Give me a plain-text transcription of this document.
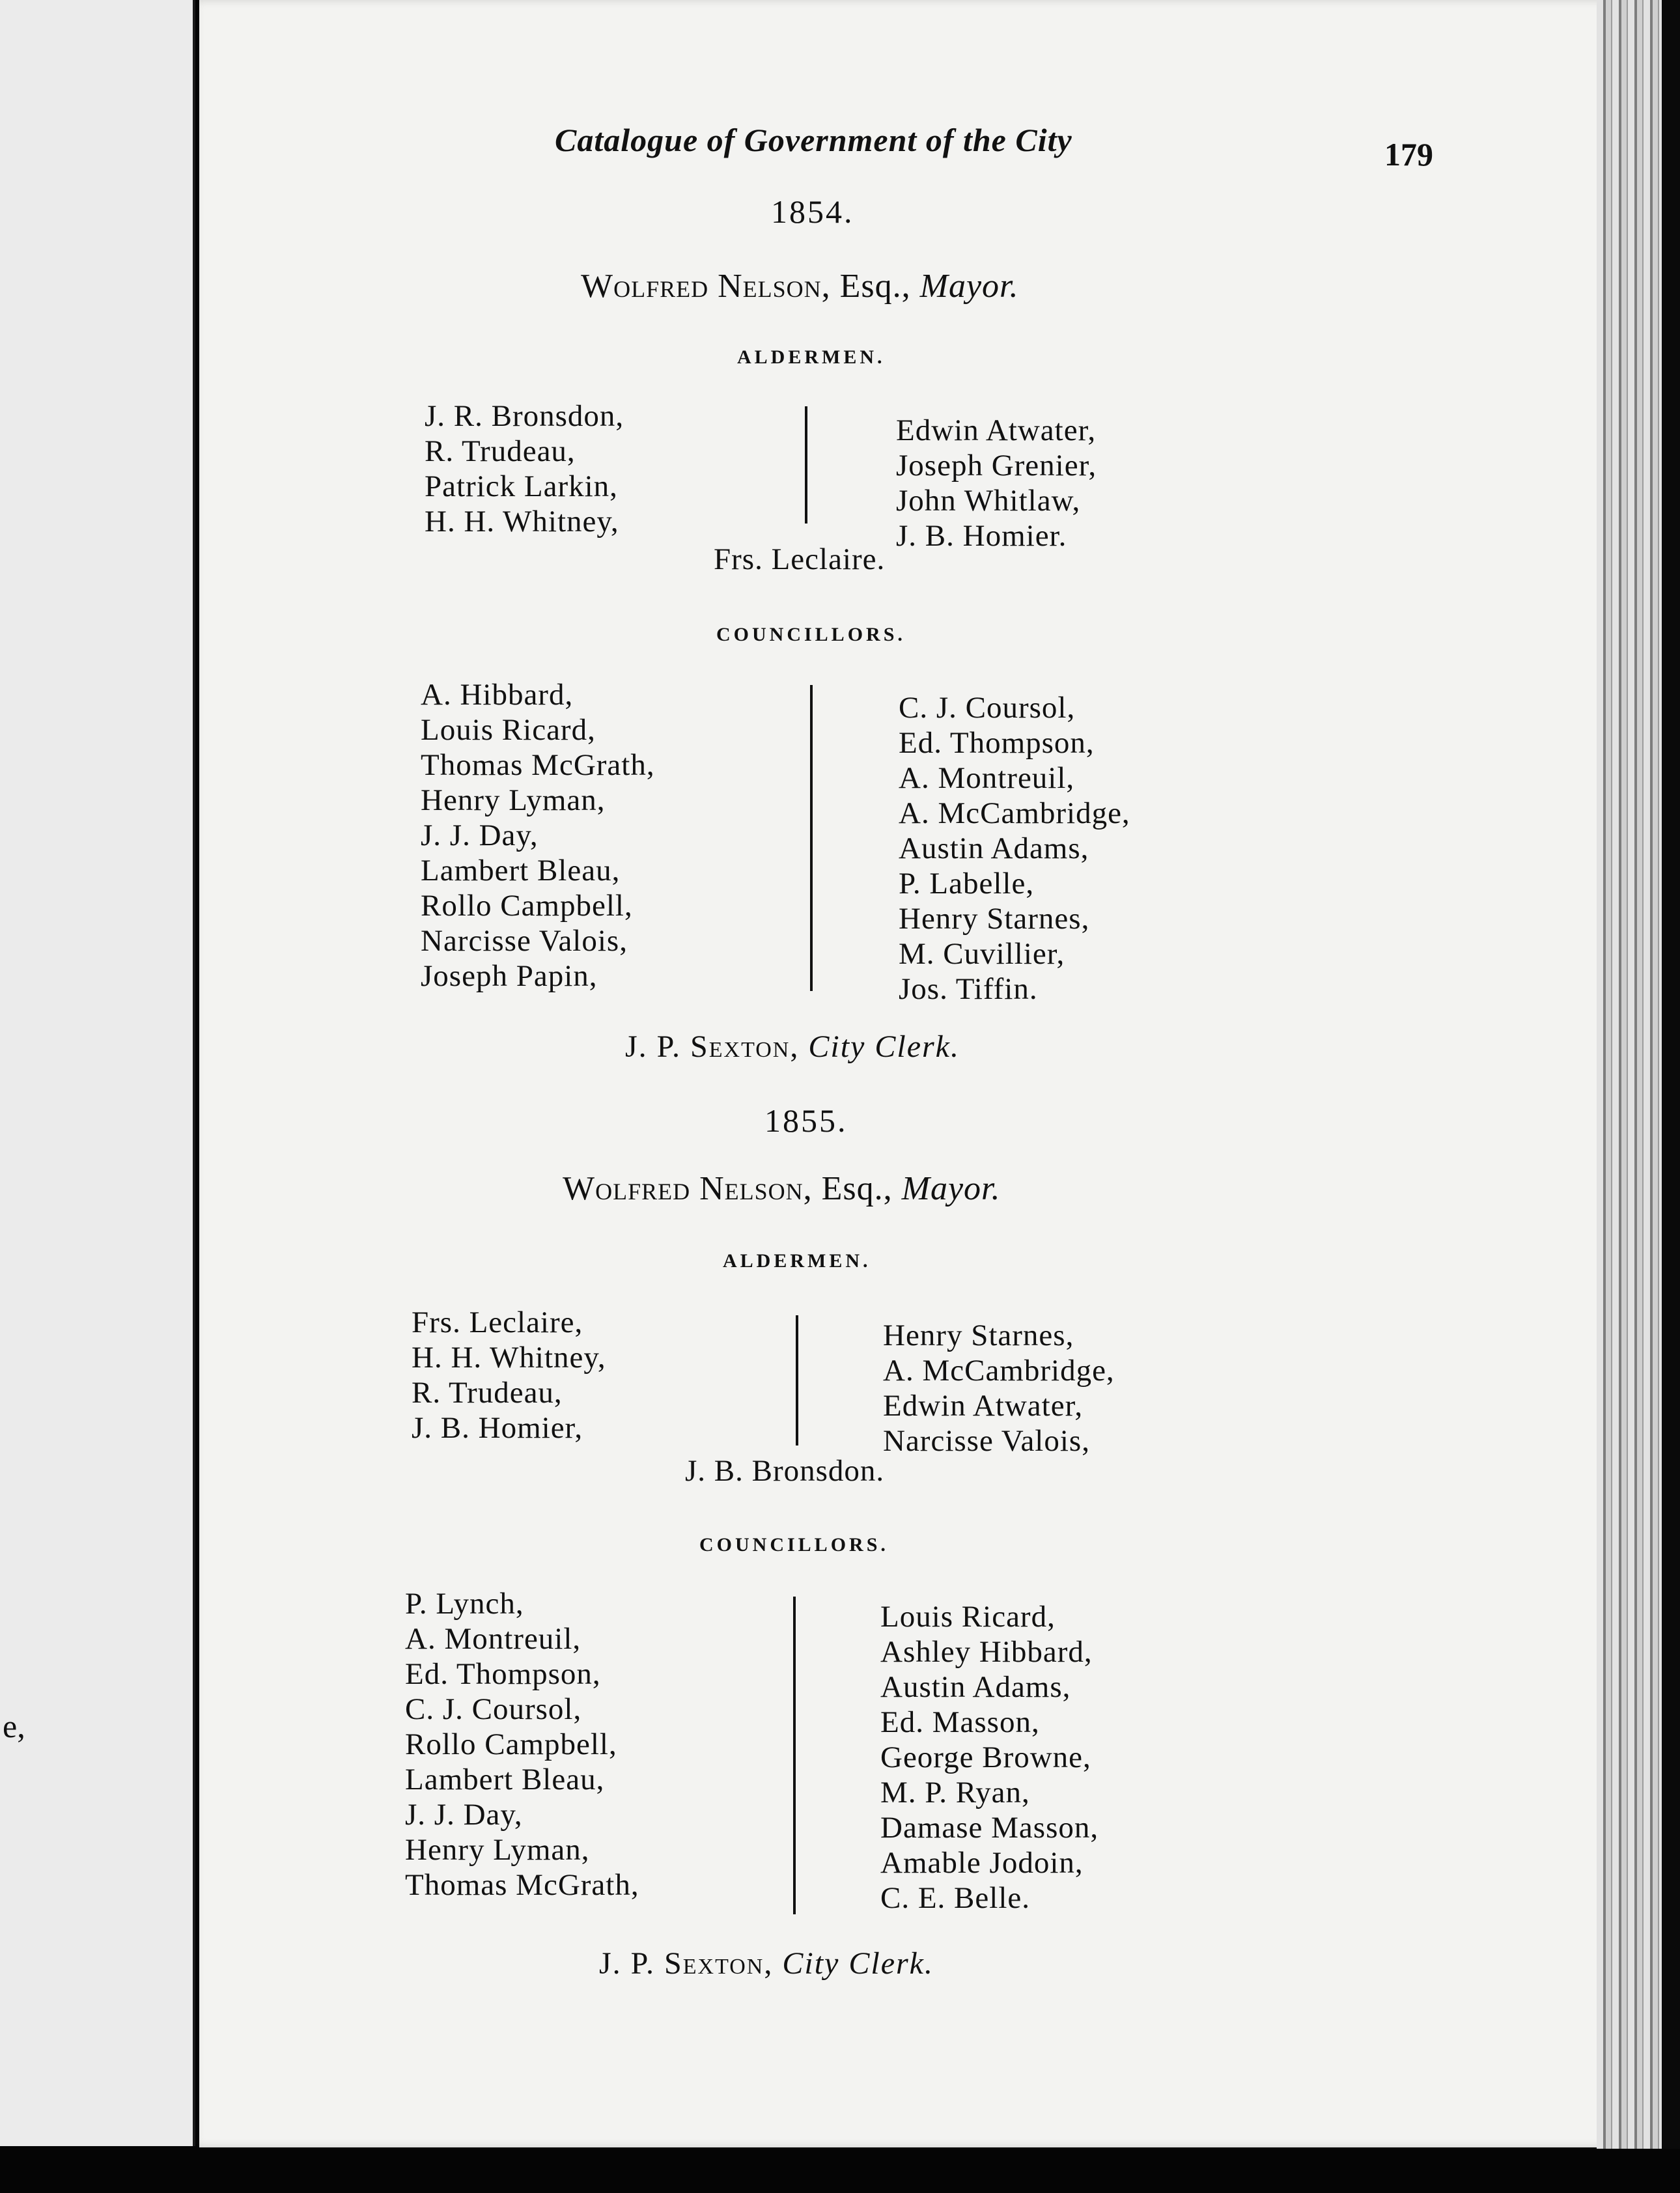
e,
Catalogue of Government of the City	179
1854.
Wolfred Nelson, Esq., Mayor.
ALDERMEN.
J. R. Bronsdon,
R. Trudeau,
Patrick Larkin,
H. H. Whitney,
Edwin Atwater,
Joseph Grenier,
John Whitlaw,
J. B. Homier.
Frs. Leclaire.
COUNCILLORS.
A. Hibbard,
Louis Ricard,
Thomas McGrath,
Henry Lyman,
J. J. Day,
Lambert Bleau,
Rollo Campbell,
Narcisse Valois,
Joseph Papin,
C. J. Coursol,
Ed. Thompson,
A. Montreuil,
A. McCambridge,
Austin Adams,
P. Labelle,
Henry Starnes,
M. Cuvillier,
Jos. Tiffin.
J. P. Sexton, City Clerk.
1855.
Wolfred Nelson, Esq., Mayor.
ALDERMEN.
Frs. Leclaire,
H. H. Whitney,
R. Trudeau,
J. B. Homier,
Henry Starnes,
A. McCambridge,
Edwin Atwater,
Narcisse Valois,
J. B. Bronsdon.
COUNCILLORS.
P. Lynch,
A. Montreuil,
Ed. Thompson,
C. J. Coursol,
Rollo Campbell,
Lambert Bleau,
J. J. Day,
Henry Lyman,
Thomas McGrath,
Louis Ricard,
Ashley Hibbard,
Austin Adams,
Ed. Masson,
George Browne,
M. P. Ryan,
Damase Masson,
Amable Jodoin,
C. E. Belle.
J. P. Sexton, City Clerk.
